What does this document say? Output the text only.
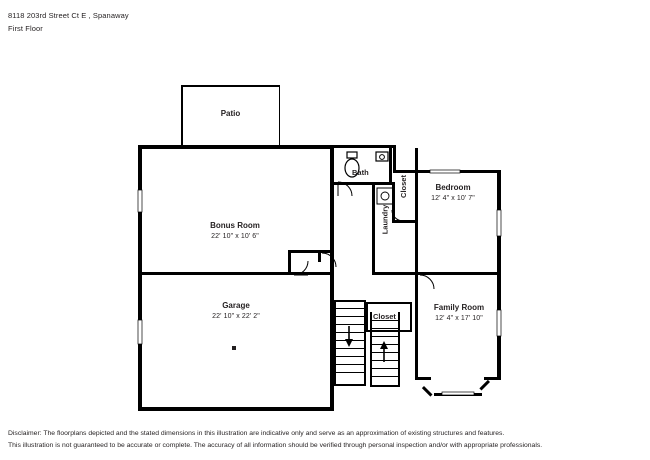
8118 203rd Street Ct E , Spanaway
First Floor
Patio
Bonus Room
22' 10" x 10' 6"
Bath
Closet	Bedroom
12' 4" x 10' 7"
Laundry
Garage
22' 10" x 22' 2"	Closet
Family Room
12' 4" x 17' 10"
Disclaimer: The floorplans depicted and the stated dimensions in this illustration are indicative only and serve as an approximation of existing structures and features.
This illustration is not guaranteed to be accurate or complete. The accuracy of all information should be verified through personal inspection and/or with appropriate professionals.
